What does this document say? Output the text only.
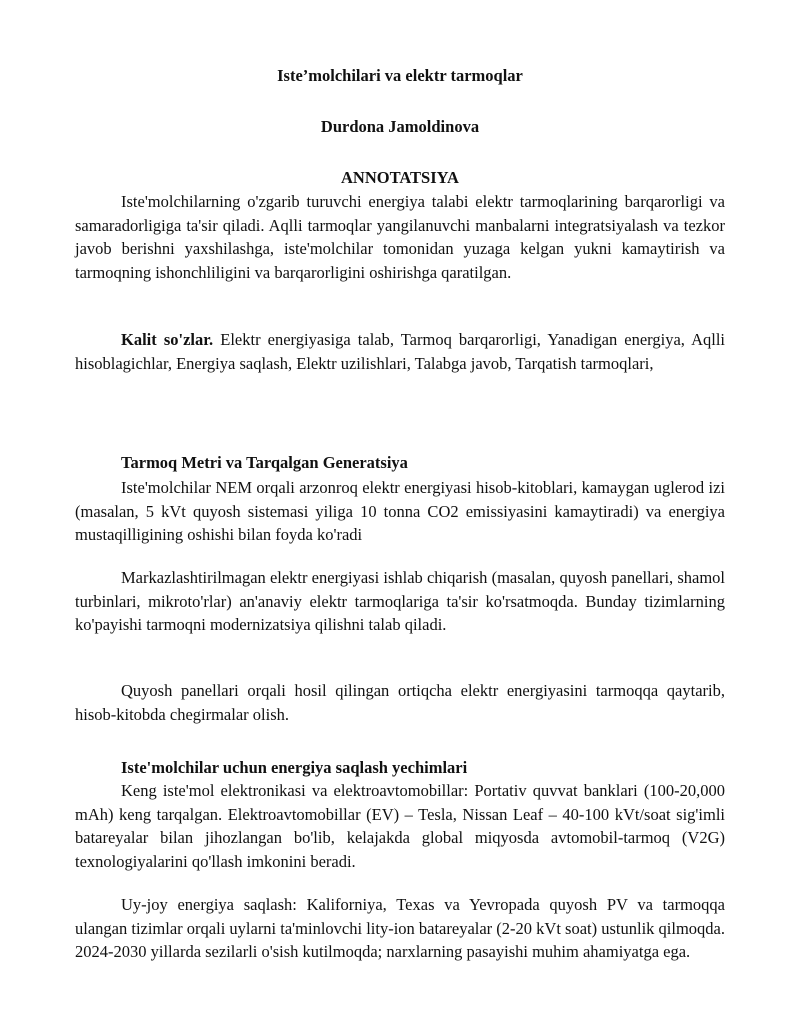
Iste’molchilari va elektr tarmoqlar
Durdona Jamoldinova
ANNOTATSIYA

Iste'molchilarning o'zgarib turuvchi energiya talabi elektr tarmoqlarining barqarorligi va samaradorligiga ta'sir qiladi. Aqlli tarmoqlar yangilanuvchi manbalarni integratsiyalash va tezkor javob berishni yaxshilashga, iste'molchilar tomonidan yuzaga kelgan yukni kamaytirish va tarmoqning ishonchliligini va barqarorligini oshirishga qaratilgan.

Kalit so'zlar. Elektr energiyasiga talab, Tarmoq barqarorligi, Yanadigan energiya, Aqlli hisoblagichlar, Energiya saqlash, Elektr uzilishlari, Talabga javob, Tarqatish tarmoqlari,

Tarmoq Metri va Tarqalgan Generatsiya

Iste'molchilar NEM orqali arzonroq elektr energiyasi hisob-kitoblari, kamaygan uglerod izi (masalan, 5 kVt quyosh sistemasi yiliga 10 tonna CO2 emissiyasini kamaytiradi) va energiya mustaqilligining oshishi bilan foyda ko'radi

Markazlashtirilmagan elektr energiyasi ishlab chiqarish (masalan, quyosh panellari, shamol turbinlari, mikroto'rlar) an'anaviy elektr tarmoqlariga ta'sir ko'rsatmoqda. Bunday tizimlarning ko'payishi tarmoqni modernizatsiya qilishni talab qiladi.

Quyosh panellari orqali hosil qilingan ortiqcha elektr energiyasini tarmoqqa qaytarib, hisob-kitobda chegirmalar olish.

Iste'molchilar uchun energiya saqlash yechimlari

Keng iste'mol elektronikasi va elektroavtomobillar: Portativ quvvat banklari (100-20,000 mAh) keng tarqalgan. Elektroavtomobillar (EV) – Tesla, Nissan Leaf – 40-100 kVt/soat sig'imli batareyalar bilan jihozlangan bo'lib, kelajakda global miqyosda avtomobil-tarmoq (V2G) texnologiyalarini qo'llash imkonini beradi.

Uy-joy energiya saqlash: Kaliforniya, Texas va Yevropada quyosh PV va tarmoqqa ulangan tizimlar orqali uylarni ta'minlovchi lity-ion batareyalar (2-20 kVt soat) ustunlik qilmoqda. 2024-2030 yillarda sezilarli o'sish kutilmoqda; narxlarning pasayishi muhim ahamiyatga ega.
